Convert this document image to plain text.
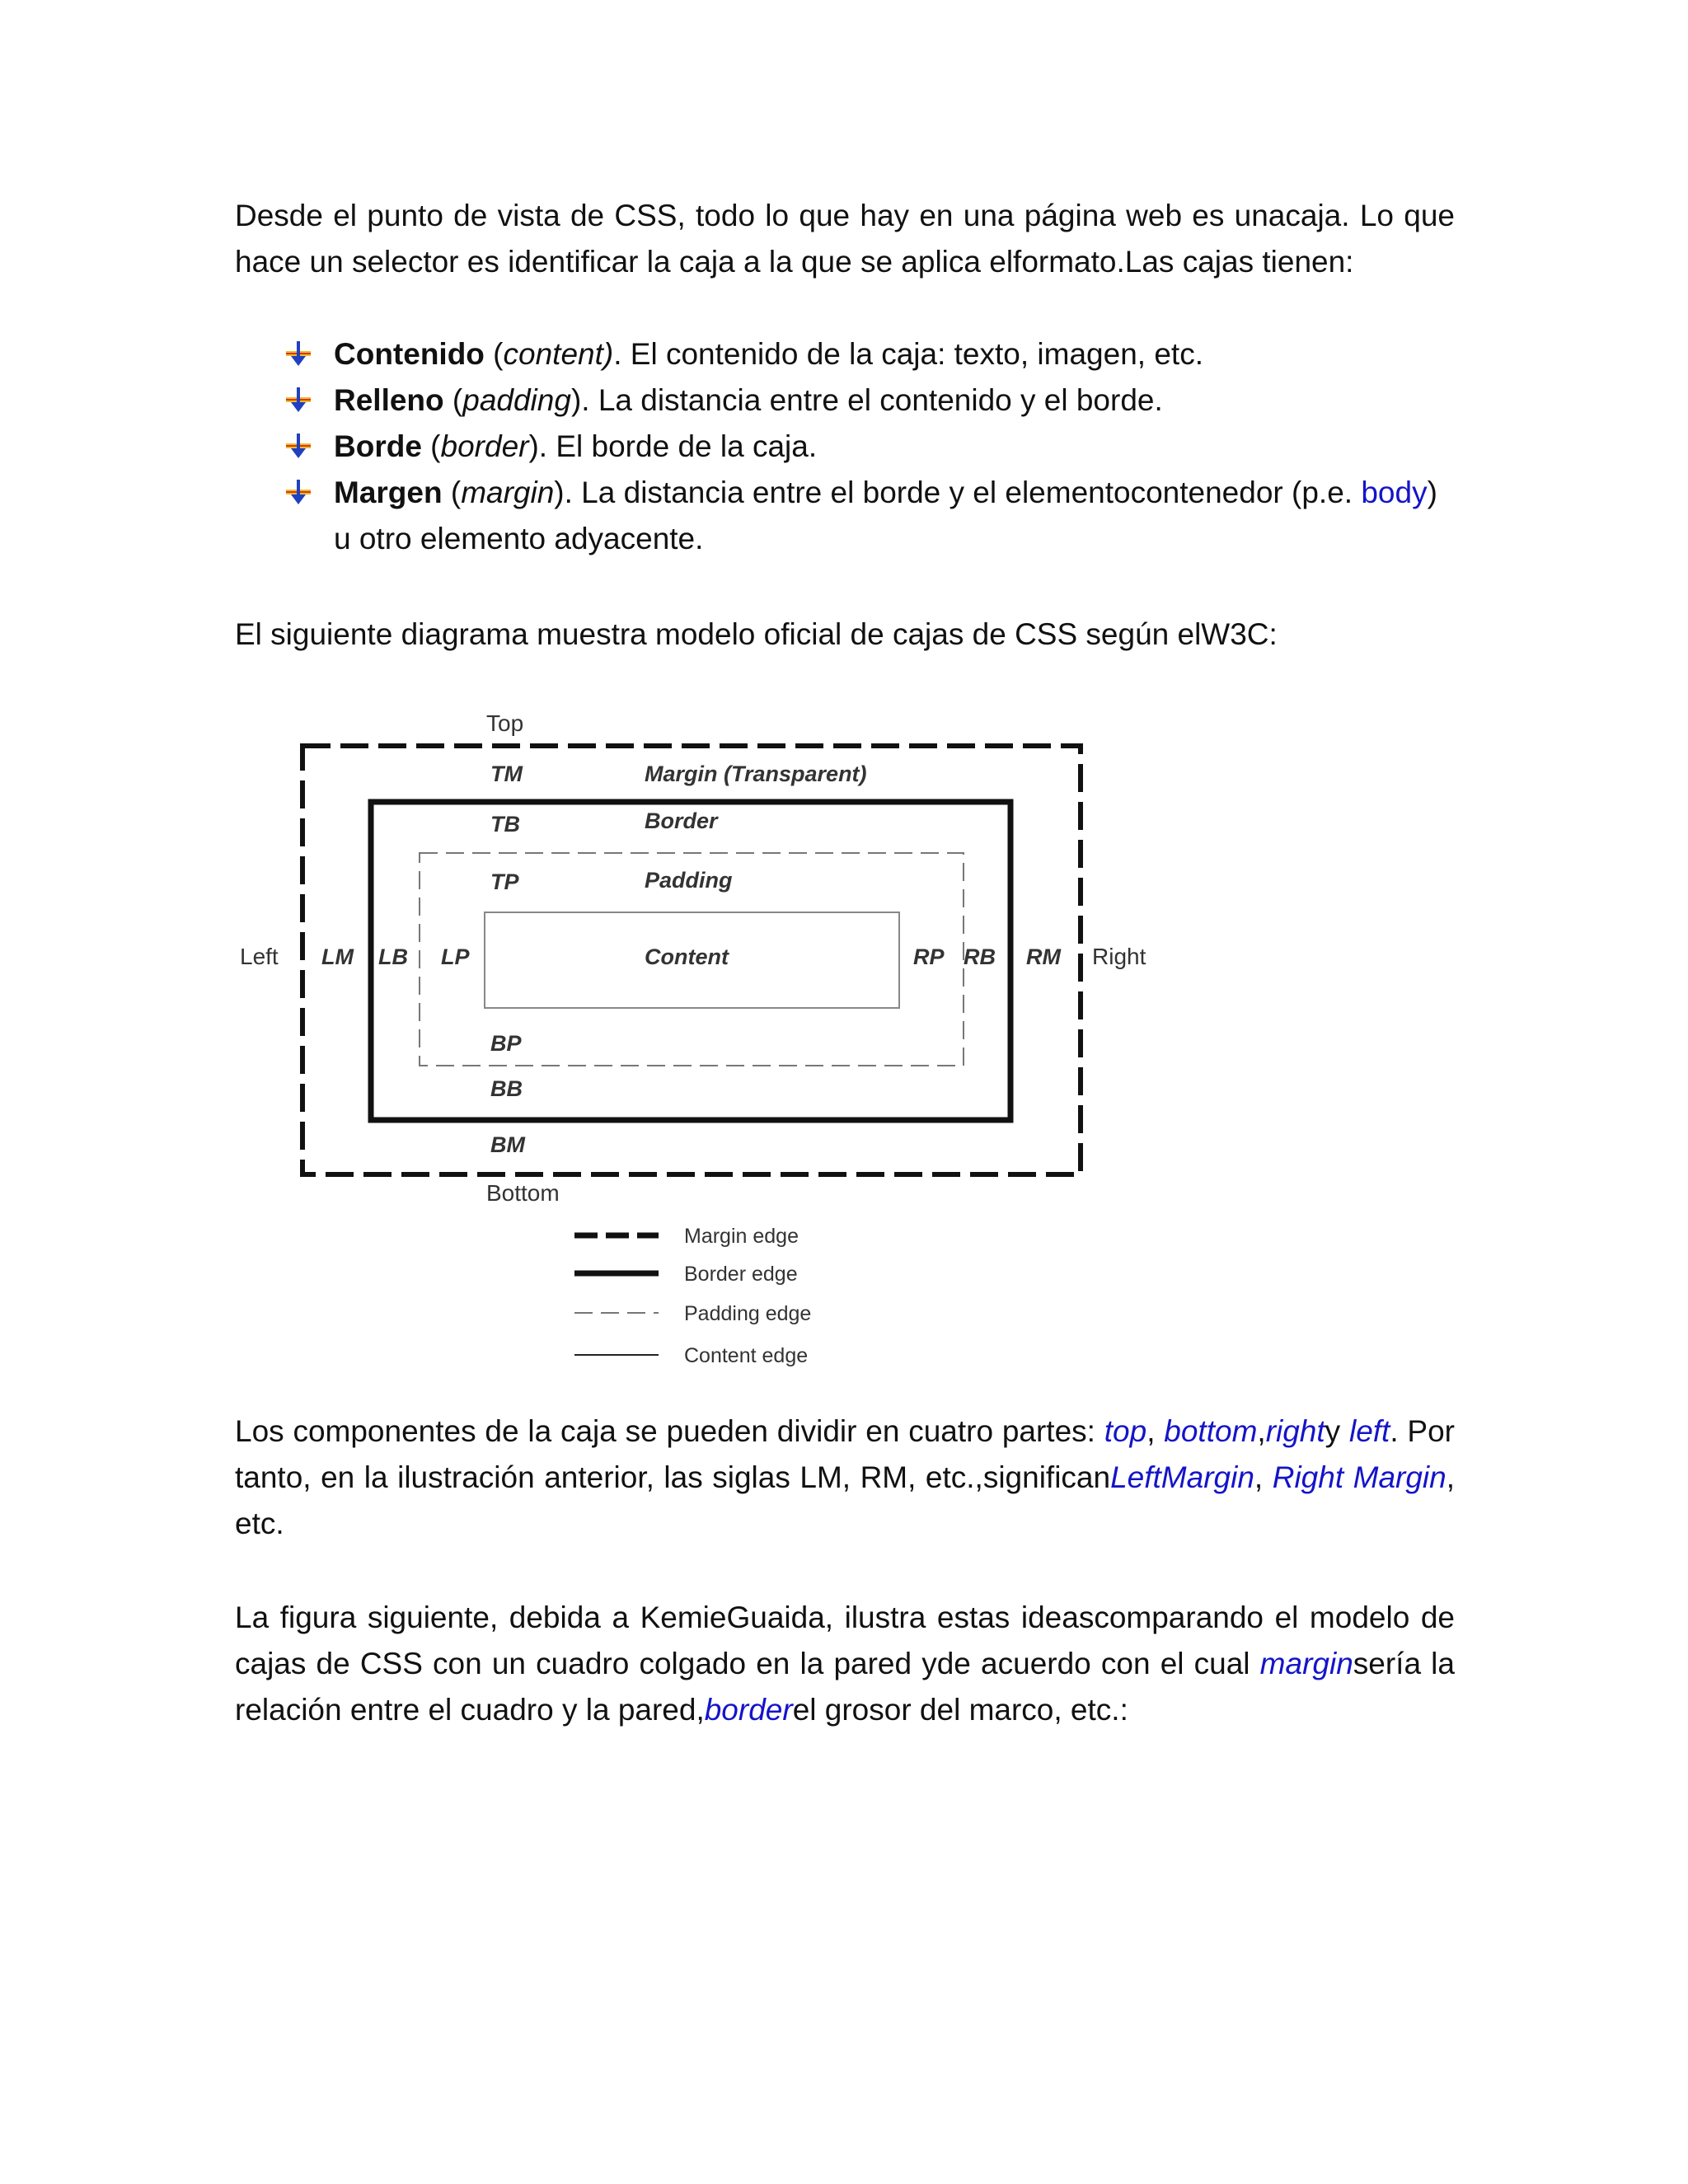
Desde el punto de vista de CSS, todo lo que hay en una página web es unacaja. Lo que hace un selector es identificar la caja a la que se aplica elformato.Las cajas tienen:

Contenido (content). El contenido de la caja: texto, imagen, etc.
Relleno (padding). La distancia entre el contenido y el borde.
Borde (border). El borde de la caja.
Margen (margin). La distancia entre el borde y el elementocontenedor (p.e. body) u otro elemento adyacente.

El siguiente diagrama muestra modelo oficial de cajas de CSS según elW3C:

Top
Bottom
Left	Right
TM	Margin (Transparent)
TB	Border
TP	Padding
LM LB LP	Content	RP RB RM
BP
BB
BM
Margin edge
Border edge
Padding edge
Content edge

Los componentes de la caja se pueden dividir en cuatro partes: top, bottom,righty left. Por tanto, en la ilustración anterior, las siglas LM, RM, etc.,significanLeftMargin, Right Margin, etc.

La figura siguiente, debida a KemieGuaida, ilustra estas ideascomparando el modelo de cajas de CSS con un cuadro colgado en la pared yde acuerdo con el cual marginsería la relación entre el cuadro y la pared,borderel grosor del marco, etc.:
